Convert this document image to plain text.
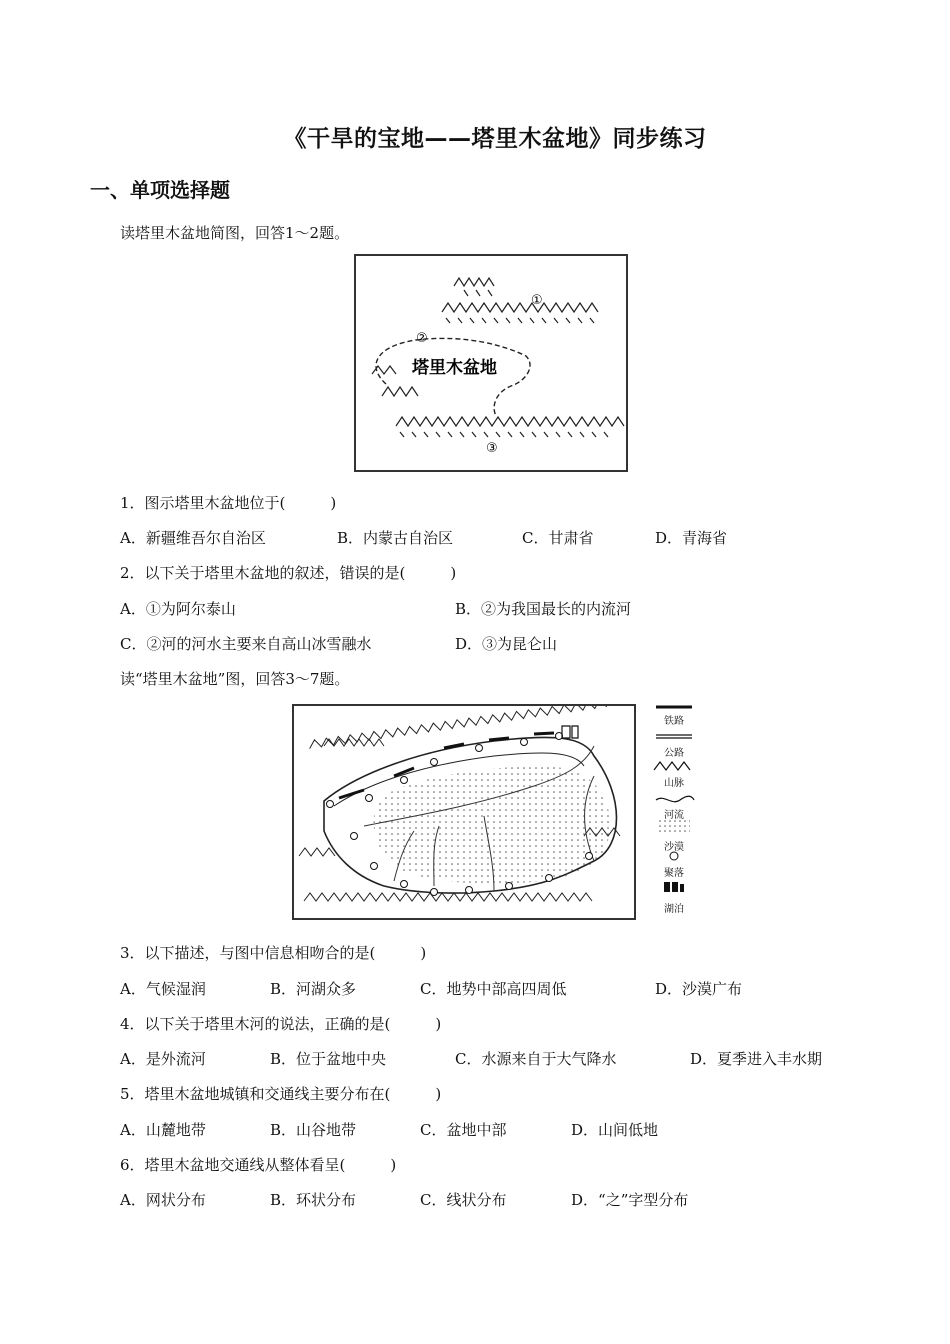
《干旱的宝地——塔里木盆地》同步练习
一、单项选择题
读塔里木盆地简图，回答1～2题。
①
②
③
塔里木盆地
1．图示塔里木盆地位于(　　　)
A．新疆维吾尔自治区	B．内蒙古自治区	C．甘肃省	D．青海省
2．以下关于塔里木盆地的叙述，错误的是(　　　)
A．①为阿尔泰山	B．②为我国最长的内流河
C．②河的河水主要来自高山冰雪融水	D．③为昆仑山
读“塔里木盆地”图，回答3～7题。
铁路
公路
山脉
河流
沙漠
聚落
湖泊
3．以下描述，与图中信息相吻合的是(　　　)
A．气候湿润	B．河湖众多	C．地势中部高四周低	D．沙漠广布
4．以下关于塔里木河的说法，正确的是(　　　)
A．是外流河	B．位于盆地中央	C．水源来自于大气降水	D．夏季进入丰水期
5．塔里木盆地城镇和交通线主要分布在(　　　)
A．山麓地带	B．山谷地带	C．盆地中部	D．山间低地
6．塔里木盆地交通线从整体看呈(　　　)
A．网状分布	B．环状分布	C．线状分布	D．“之”字型分布
